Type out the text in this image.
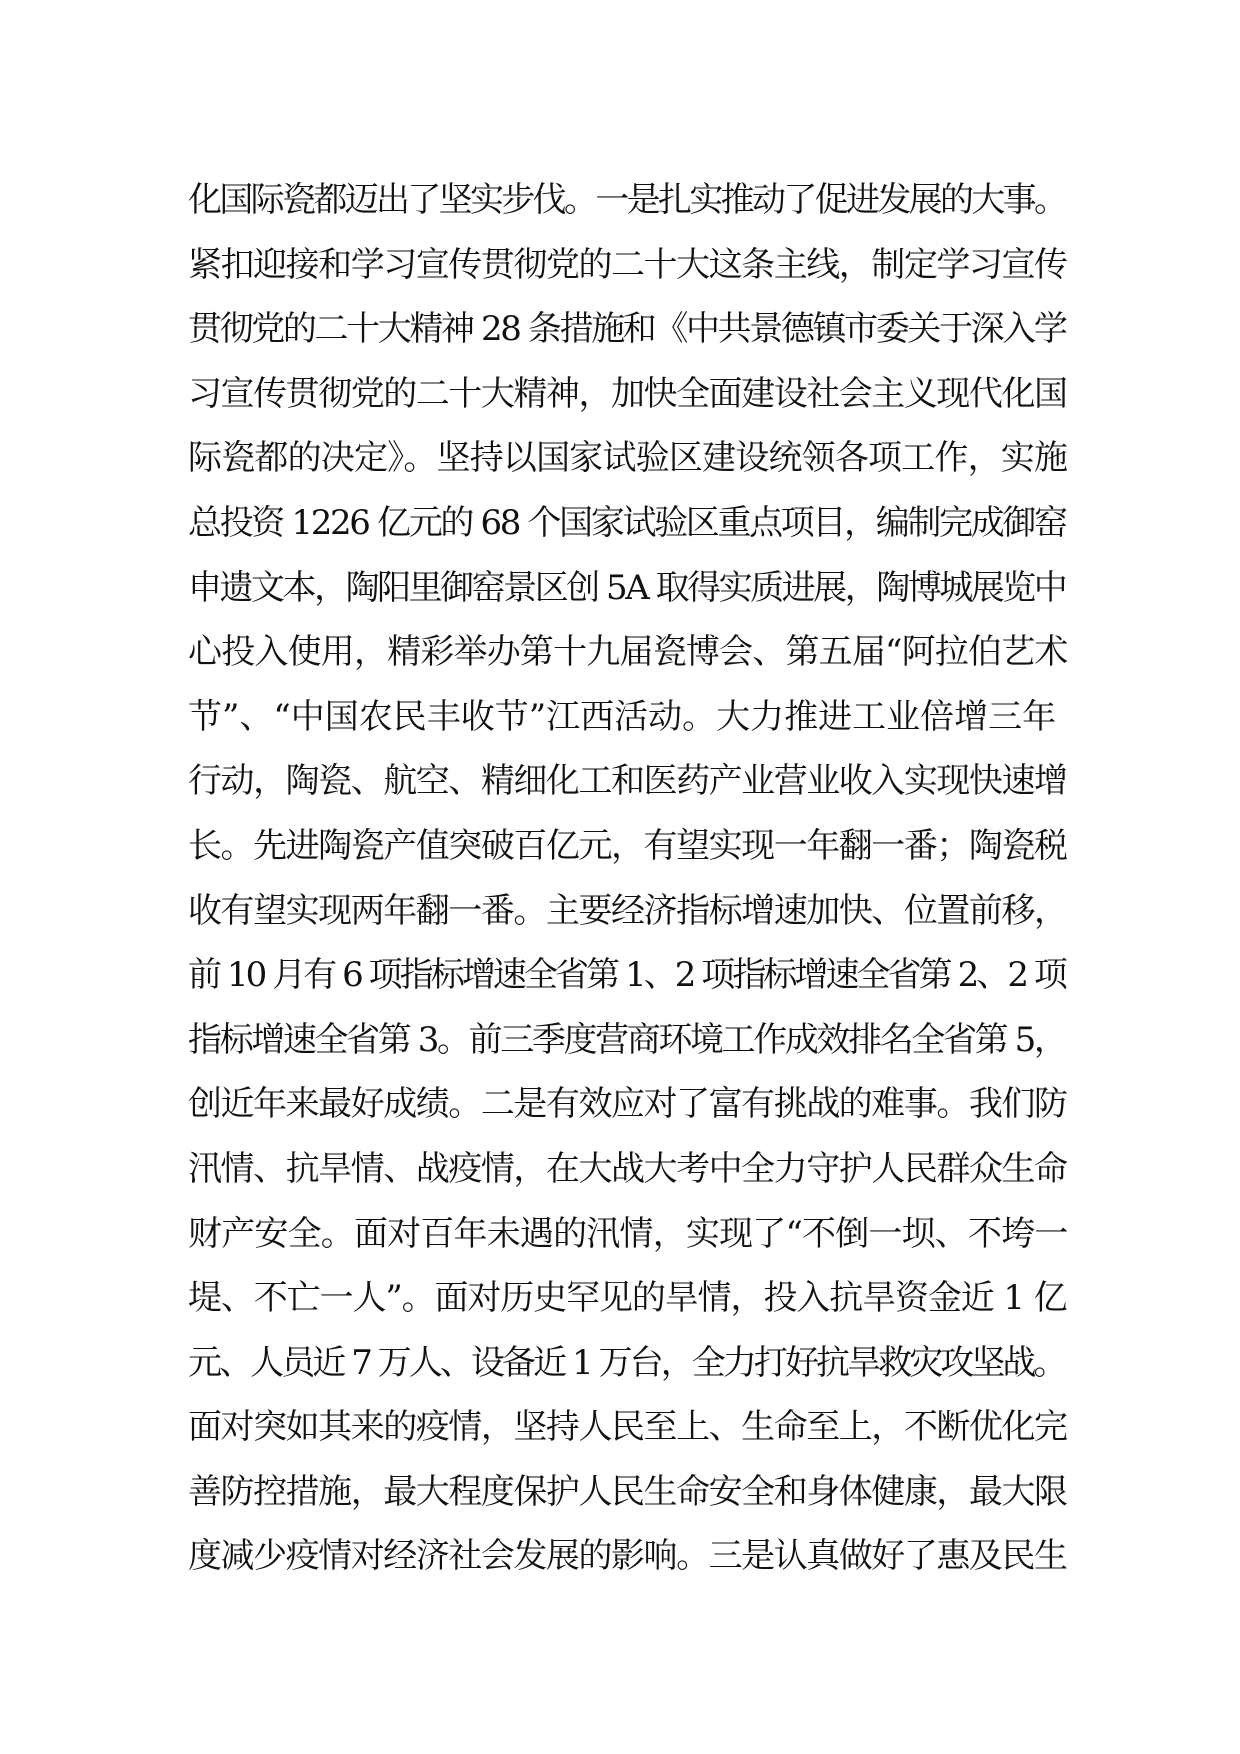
化国际瓷都迈出了坚实步伐。一是扎实推动了促进发展的大事。
紧扣迎接和学习宣传贯彻党的二十大这条主线，制定学习宣传
贯彻党的二十大精神 28 条措施和《中共景德镇市委关于深入学
习宣传贯彻党的二十大精神，加快全面建设社会主义现代化国
际瓷都的决定》。坚持以国家试验区建设统领各项工作，实施
总投资 1226 亿元的 68 个国家试验区重点项目，编制完成御窑
申遗文本，陶阳里御窑景区创 5A 取得实质进展，陶博城展览中
心投入使用，精彩举办第十九届瓷博会、第五届“阿拉伯艺术
节”、“中国农民丰收节”江西活动。大力推进工业倍增三年
行动，陶瓷、航空、精细化工和医药产业营业收入实现快速增
长。先进陶瓷产值突破百亿元，有望实现一年翻一番；陶瓷税
收有望实现两年翻一番。主要经济指标增速加快、位置前移，
前 10 月有 6 项指标增速全省第 1、2 项指标增速全省第 2、2 项
指标增速全省第 3。前三季度营商环境工作成效排名全省第 5，
创近年来最好成绩。二是有效应对了富有挑战的难事。我们防
汛情、抗旱情、战疫情，在大战大考中全力守护人民群众生命
财产安全。面对百年未遇的汛情，实现了“不倒一坝、不垮一
堤、不亡一人”。面对历史罕见的旱情，投入抗旱资金近 1 亿
元、人员近 7 万人、设备近 1 万台，全力打好抗旱救灾攻坚战。
面对突如其来的疫情，坚持人民至上、生命至上，不断优化完
善防控措施，最大程度保护人民生命安全和身体健康，最大限
度减少疫情对经济社会发展的影响。三是认真做好了惠及民生
